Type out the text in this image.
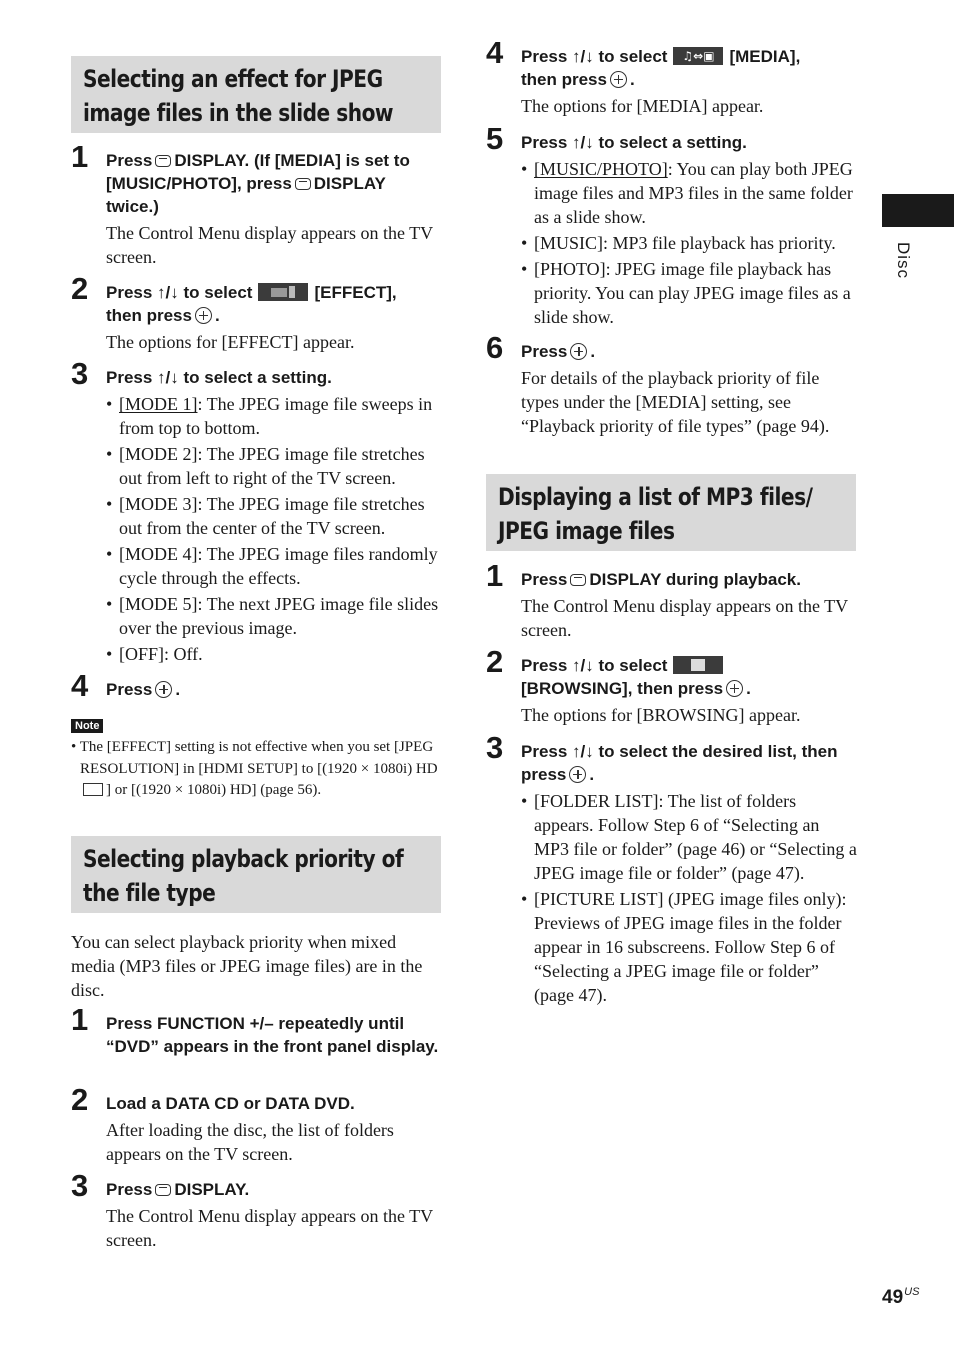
Selecting an effect for JPEG
image files in the slide show
1 Press DISPLAY. (If [MEDIA] is set to [MUSIC/PHOTO], press DISPLAY twice.)
The Control Menu display appears on the TV screen.
2 Press ↑/↓ to select	[EFFECT],
then press .
The options for [EFFECT] appear.
3 Press ↑/↓ to select a setting.
• [MODE 1]: The JPEG image file sweeps in from top to bottom.
• [MODE 2]: The JPEG image file stretches out from left to right of the TV screen.
• [MODE 3]: The JPEG image file stretches out from the center of the TV screen.
• [MODE 4]: The JPEG image files randomly cycle through the effects.
• [MODE 5]: The next JPEG image file slides over the previous image.
• [OFF]: Off.
4 Press .
Note
• The [EFFECT] setting is not effective when you set [JPEG RESOLUTION] in [HDMI SETUP] to [(1920 × 1080i) HD] or [(1920 × 1080i) HD] (page 56).
Selecting playback priority of
the file type
You can select playback priority when mixed media (MP3 files or JPEG image files) are in the disc.
1 Press FUNCTION +/– repeatedly until “DVD” appears in the front panel display.
2 Load a DATA CD or DATA DVD.
After loading the disc, the list of folders appears on the TV screen.
3 Press DISPLAY.
The Control Menu display appears on the TV screen.
4 Press ↑/↓ to select ♫⇔▣ [MEDIA],
then press .
The options for [MEDIA] appear.
5 Press ↑/↓ to select a setting.
• [MUSIC/PHOTO]: You can play both JPEG image files and MP3 files in the same folder as a slide show.
• [MUSIC]: MP3 file playback has priority.
• [PHOTO]: JPEG image file playback has priority. You can play JPEG image files as a slide show.
6 Press .
For details of the playback priority of file types under the [MEDIA] setting, see “Playback priority of file types” (page 94).
Displaying a list of MP3 files/
JPEG image files
1 Press DISPLAY during playback.
The Control Menu display appears on the TV screen.
2 Press ↑/↓ to select
[BROWSING], then press .
The options for [BROWSING] appear.
3 Press ↑/↓ to select the desired list, then press .
• [FOLDER LIST]: The list of folders appears. Follow Step 6 of “Selecting an MP3 file or folder” (page 46) or “Selecting a JPEG image file or folder” (page 47).
• [PICTURE LIST] (JPEG image files only): Previews of JPEG image files in the folder appear in 16 subscreens. Follow Step 6 of “Selecting a JPEG image file or folder” (page 47).
Disc
$49^{US}$
